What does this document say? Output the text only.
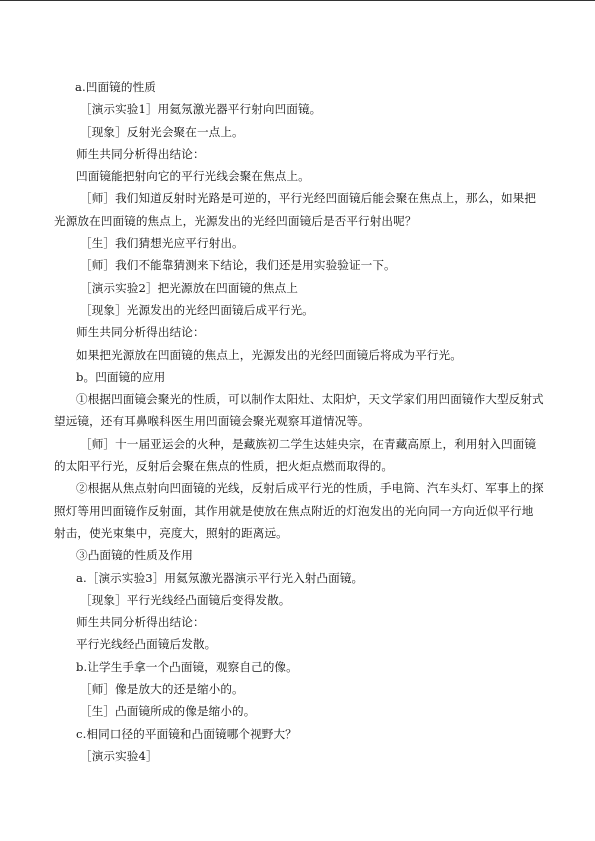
a.凹面镜的性质

［演示实验1］用氦氖激光器平行射向凹面镜。

［现象］反射光会聚在一点上。

师生共同分析得出结论：

凹面镜能把射向它的平行光线会聚在焦点上。

［师］我们知道反射时光路是可逆的，平行光经凹面镜后能会聚在焦点上，那么，如果把光源放在凹面镜的焦点上，光源发出的光经凹面镜后是否平行射出呢？

［生］我们猜想光应平行射出。

［师］我们不能靠猜测来下结论，我们还是用实验验证一下。

［演示实验2］把光源放在凹面镜的焦点上

［现象］光源发出的光经凹面镜后成平行光。

师生共同分析得出结论：

如果把光源放在凹面镜的焦点上，光源发出的光经凹面镜后将成为平行光。

b。凹面镜的应用

①根据凹面镜会聚光的性质，可以制作太阳灶、太阳炉，天文学家们用凹面镜作大型反射式望远镜，还有耳鼻喉科医生用凹面镜会聚光观察耳道情况等。

［师］十一届亚运会的火种，是藏族初二学生达娃央宗，在青藏高原上，利用射入凹面镜的太阳平行光，反射后会聚在焦点的性质，把火炬点燃而取得的。

②根据从焦点射向凹面镜的光线，反射后成平行光的性质，手电筒、汽车头灯、军事上的探照灯等用凹面镜作反射面，其作用就是使放在焦点附近的灯泡发出的光向同一方向近似平行地射击，使光束集中，亮度大，照射的距离远。

③凸面镜的性质及作用

a.［演示实验3］用氦氖激光器演示平行光入射凸面镜。

［现象］平行光线经凸面镜后变得发散。

师生共同分析得出结论：

平行光线经凸面镜后发散。

b.让学生手拿一个凸面镜，观察自己的像。

［师］像是放大的还是缩小的。

［生］凸面镜所成的像是缩小的。

c.相同口径的平面镜和凸面镜哪个视野大？

［演示实验4］
